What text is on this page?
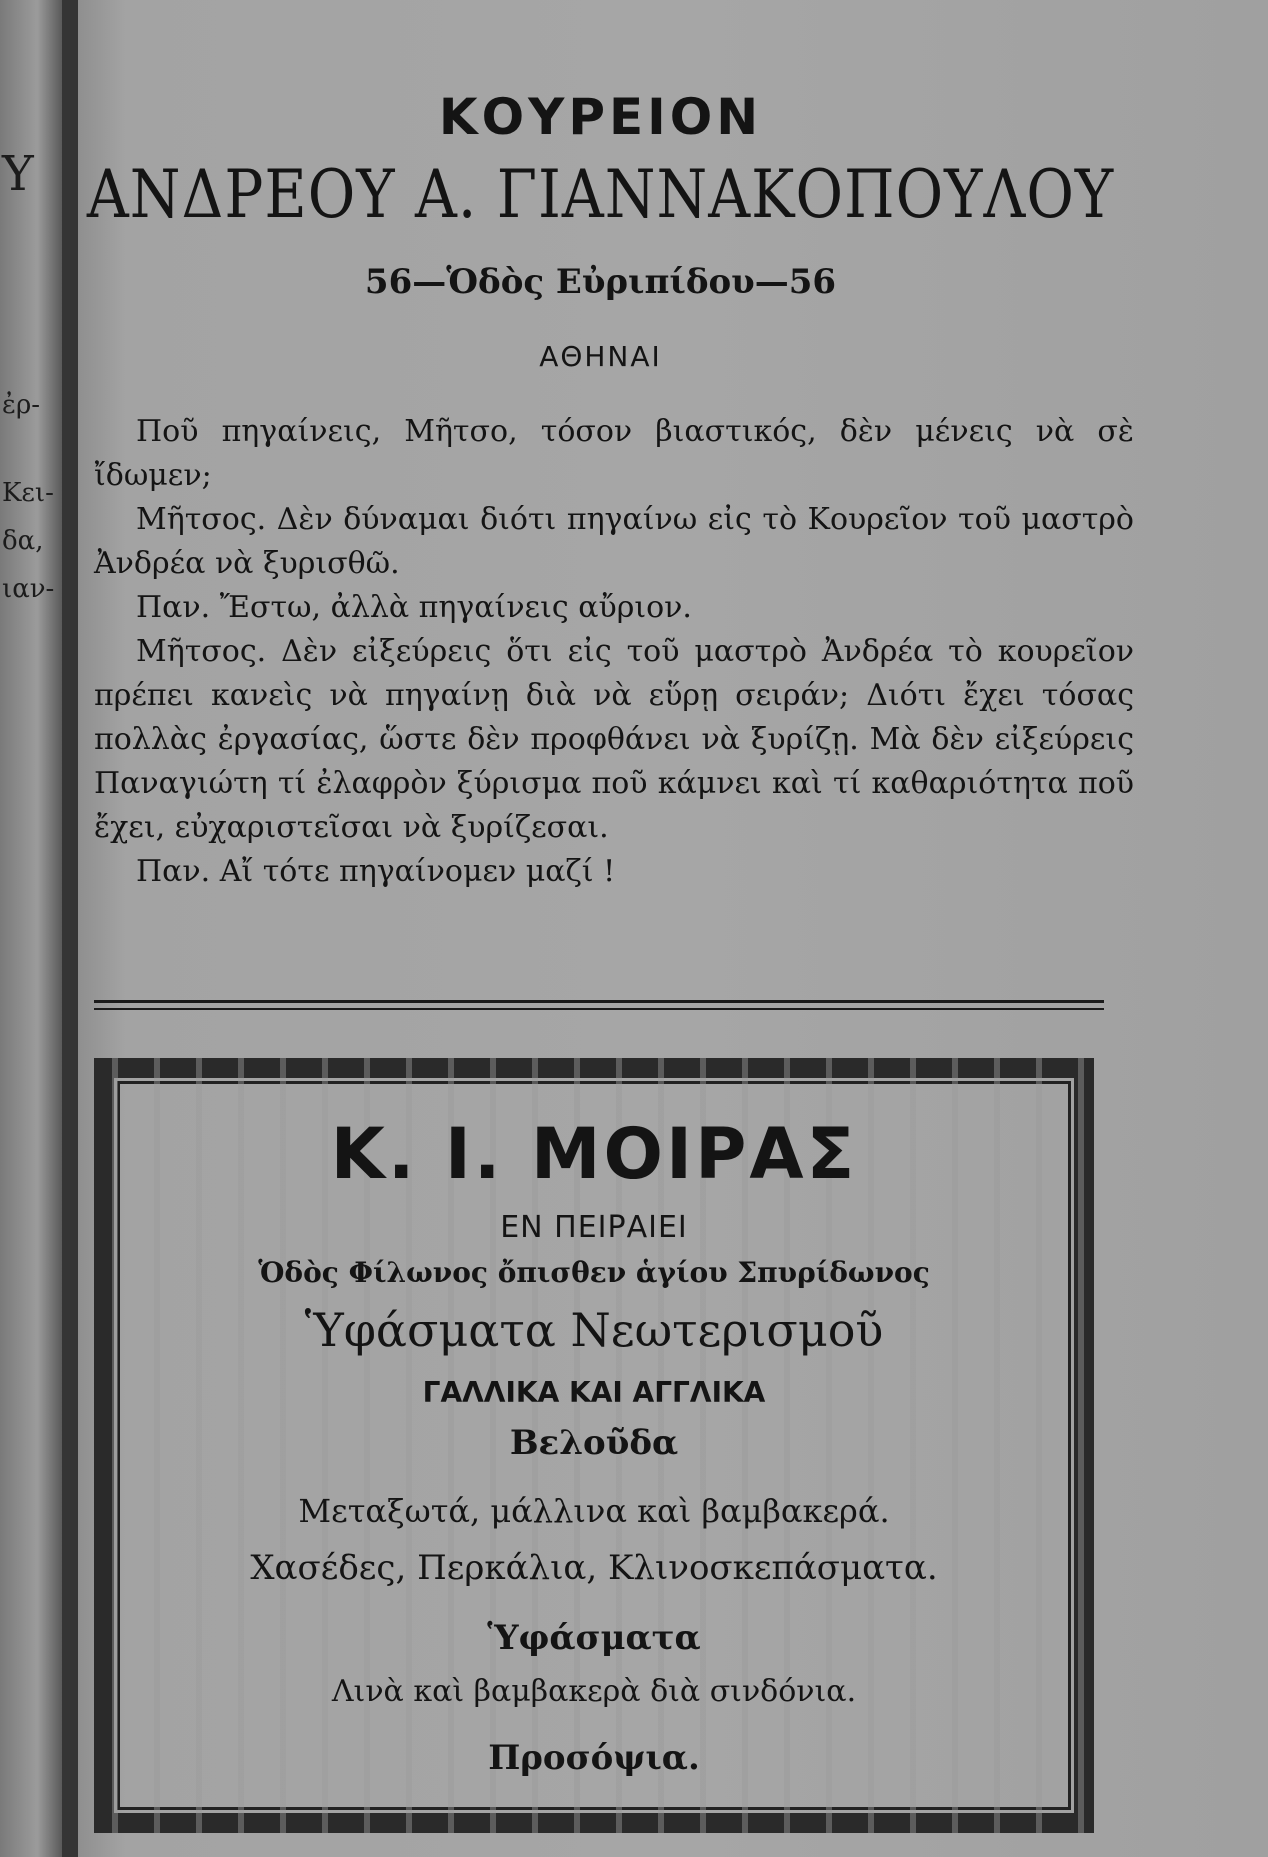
Υ
ἐρ-
Κει-
δα,
ιαν-
ΚΟΥΡΕΙΟΝ
ΑΝΔΡΕΟΥ Α. ΓΙΑΝΝΑΚΟΠΟΥΛΟΥ
56—Ὁδὸς Εὐριπίδου—56
ΑΘΗΝΑΙ

Ποῦ πηγαίνεις, Μῆτσο, τόσον βιαστικός, δὲν μένεις νὰ σὲ ἴδωμεν;

Μῆτσος. Δὲν δύναμαι διότι πηγαίνω εἰς τὸ Κουρεῖον τοῦ μαστρὸ Ἀνδρέα νὰ ξυρισθῶ.

Παν. Ἔστω, ἀλλὰ πηγαίνεις αὔριον.

Μῆτσος. Δὲν εἰξεύρεις ὅτι εἰς τοῦ μαστρὸ Ἀνδρέα τὸ κουρεῖον πρέπει κανεὶς νὰ πηγαίνῃ διὰ νὰ εὕρῃ σειράν; Διότι ἔχει τόσας πολλὰς ἐργασίας, ὥστε δὲν προφθάνει νὰ ξυρίζῃ. Μὰ δὲν εἰξεύρεις Παναγιώτη τί ἐλαφρὸν ξύρισμα ποῦ κάμνει καὶ τί καθαριότητα ποῦ ἔχει, εὐχαριστεῖσαι νὰ ξυρίζεσαι.

Παν. Αἴ τότε πηγαίνομεν μαζί !

Κ. Ι. ΜΟΙΡΑΣ
ΕΝ ΠΕΙΡΑΙΕΙ
Ὁδὸς Φίλωνος ὄπισθεν ἁγίου Σπυρίδωνος
Ὑφάσματα Νεωτερισμοῦ
ΓΑΛΛΙΚΑ ΚΑΙ ΑΓΓΛΙΚΑ
Βελοῦδα
Μεταξωτά, μάλλινα καὶ βαμβακερά.
Χασέδες, Περκάλια, Κλινοσκεπάσματα.
Ὑφάσματα
Λινὰ καὶ βαμβακερὰ διὰ σινδόνια.
Προσόψια.
